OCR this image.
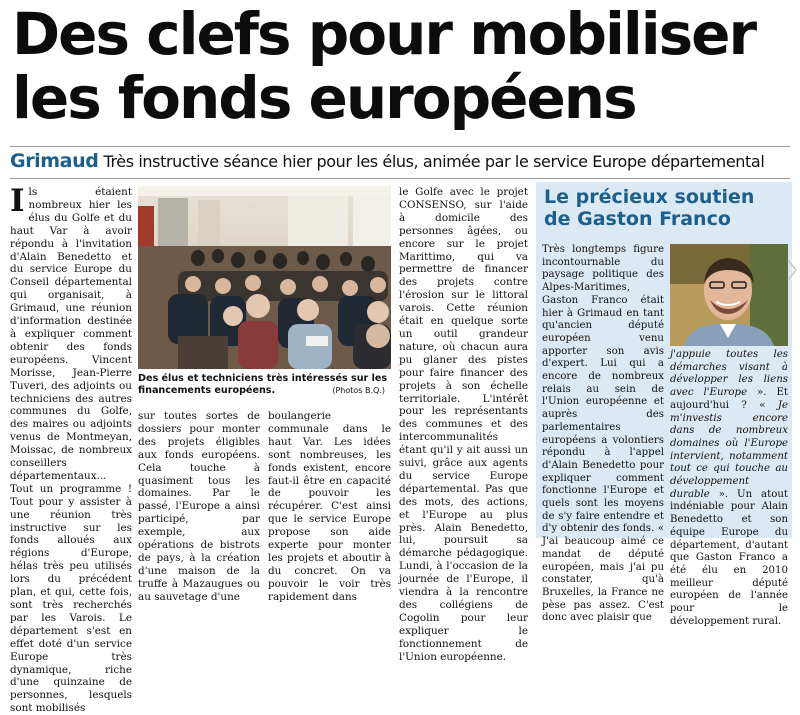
Des clefs pour mobiliser
les fonds européens
Grimaud Très instructive séance hier pour les élus, animée par le service Europe départemental
Ils étaient nombreux hier les élus du Golfe et du haut Var à avoir répondu à l'invitation d'Alain Benedetto et du service Europe du Conseil départemental qui organisait, à Grimaud, une réunion d'information destinée à expliquer comment obtenir des fonds européens. Vincent Morisse, Jean-Pierre Tuveri, des adjoints ou techniciens des autres communes du Golfe, des maires ou adjoints venus de Montmeyan, Moissac, de nombreux conseillers départementaux... Tout un programme ! Tout pour y assister à une réunion très instructive sur les fonds alloués aux régions d'Europe, hélas très peu utilisés lors du précédent plan, et qui, cette fois, sont très recherchés par les Varois. Le département s'est en effet doté d'un service Europe très dynamique, riche d'une quinzaine de personnes, lesquels sont mobilisés
Des élus et techniciens très intéressés sur les financements européens.	(Photos B.Q.)
sur toutes sortes de dossiers pour monter des projets éligibles aux fonds européens. Cela touche à quasiment tous les domaines. Par le passé, l'Europe a ainsi participé, par exemple, aux opérations de bistrots de pays, à la création d'une maison de la truffe à Mazaugues ou au sauvetage d'une
boulangerie communale dans le haut Var. Les idées sont nombreuses, les fonds existent, encore faut-il être en capacité de pouvoir les récupérer. C'est ainsi que le service Europe propose son aide experte pour monter les projets et aboutir à du concret. On va pouvoir le voir très rapidement dans
le Golfe avec le projet CONSENSO, sur l'aide à domicile des personnes âgées, ou encore sur le projet Marittimo, qui va permettre de financer des projets contre l'érosion sur le littoral varois. Cette réunion était en quelque sorte un outil grandeur nature, où chacun aura pu glaner des pistes pour faire financer des projets à son échelle territoriale. L'intérêt pour les représentants des communes et des intercommunalités étant qu'il y ait aussi un suivi, grâce aux agents du service Europe départemental. Pas que des mots, des actions, et l'Europe au plus près. Alain Benedetto, lui, poursuit sa démarche pédagogique. Lundi, à l'occasion de la journée de l'Europe, il viendra à la rencontre des collégiens de Cogolin pour leur expliquer le fonctionnement de l'Union européenne.
Le précieux soutien
de Gaston Franco
Très longtemps figure incontournable du paysage politique des Alpes-Maritimes, Gaston Franco était hier à Grimaud en tant qu'ancien député européen venu apporter son avis d'expert. Lui qui a encore de nombreux relais au sein de l'Union européenne et auprès des parlementaires européens a volontiers répondu à l'appel d'Alain Benedetto pour expliquer comment fonctionne l'Europe et quels sont les moyens de s'y faire entendre et d'y obtenir des fonds. « J'ai beaucoup aimé ce mandat de député européen, mais j'ai pu constater, qu'à Bruxelles, la France ne pèse pas assez. C'est donc avec plaisir que
j'appuie toutes les démarches visant à développer les liens avec l'Europe ». Et aujourd'hui ? « Je m'investis encore dans de nombreux domaines où l'Europe intervient, notamment tout ce qui touche au développement durable ». Un atout indéniable pour Alain Benedetto et son équipe Europe du département, d'autant que Gaston Franco a été élu en 2010 meilleur député européen de l'année pour le développement rural.
